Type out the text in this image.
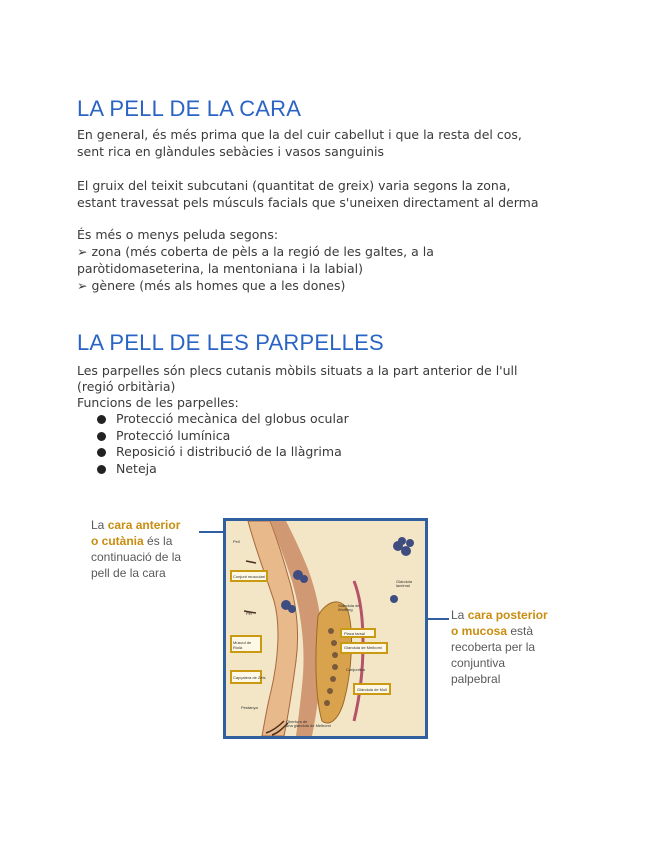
LA PELL DE LA CARA

En general, és més prima que la del cuir cabellut i que la resta del cos,

sent rica en glàndules sebàcies i vasos sanguinis

El gruix del teixit subcutani (quantitat de greix) varia segons la zona,

estant travessat pels músculs facials que s'uneixen directament al derma

És més o menys peluda segons:

➢ zona (més coberta de pèls a la regió de les galtes, a la

paròtidomaseterina, la mentoniana i la labial)

➢ gènere (més als homes que a les dones)

LA PELL DE LES PARPELLES

Les parpelles són plecs cutanis mòbils situats a la part anterior de l'ull

(regió orbitària)

Funcions de les parpelles:

Protecció mecànica del globus ocular
Protecció lumínica
Reposició i distribució de la llàgrima
Neteja
La cara anterior
o cutània és la
continuació de la
pell de la cara
La cara posterior
o mucosa està
recoberta per la
conjuntiva
palpebral
Pell
Conjunt musculari
Pèl
Múscul de
Riolà
Capçalera de Zeis
Pestanya
Placa tarsal
Glàndula de Meibomi
Glàndula de
Wolfring
Glàndula
lacrimal
Conjuntiva
Glàndula de Moll
Obertura de
una glàndula de Meibomi
